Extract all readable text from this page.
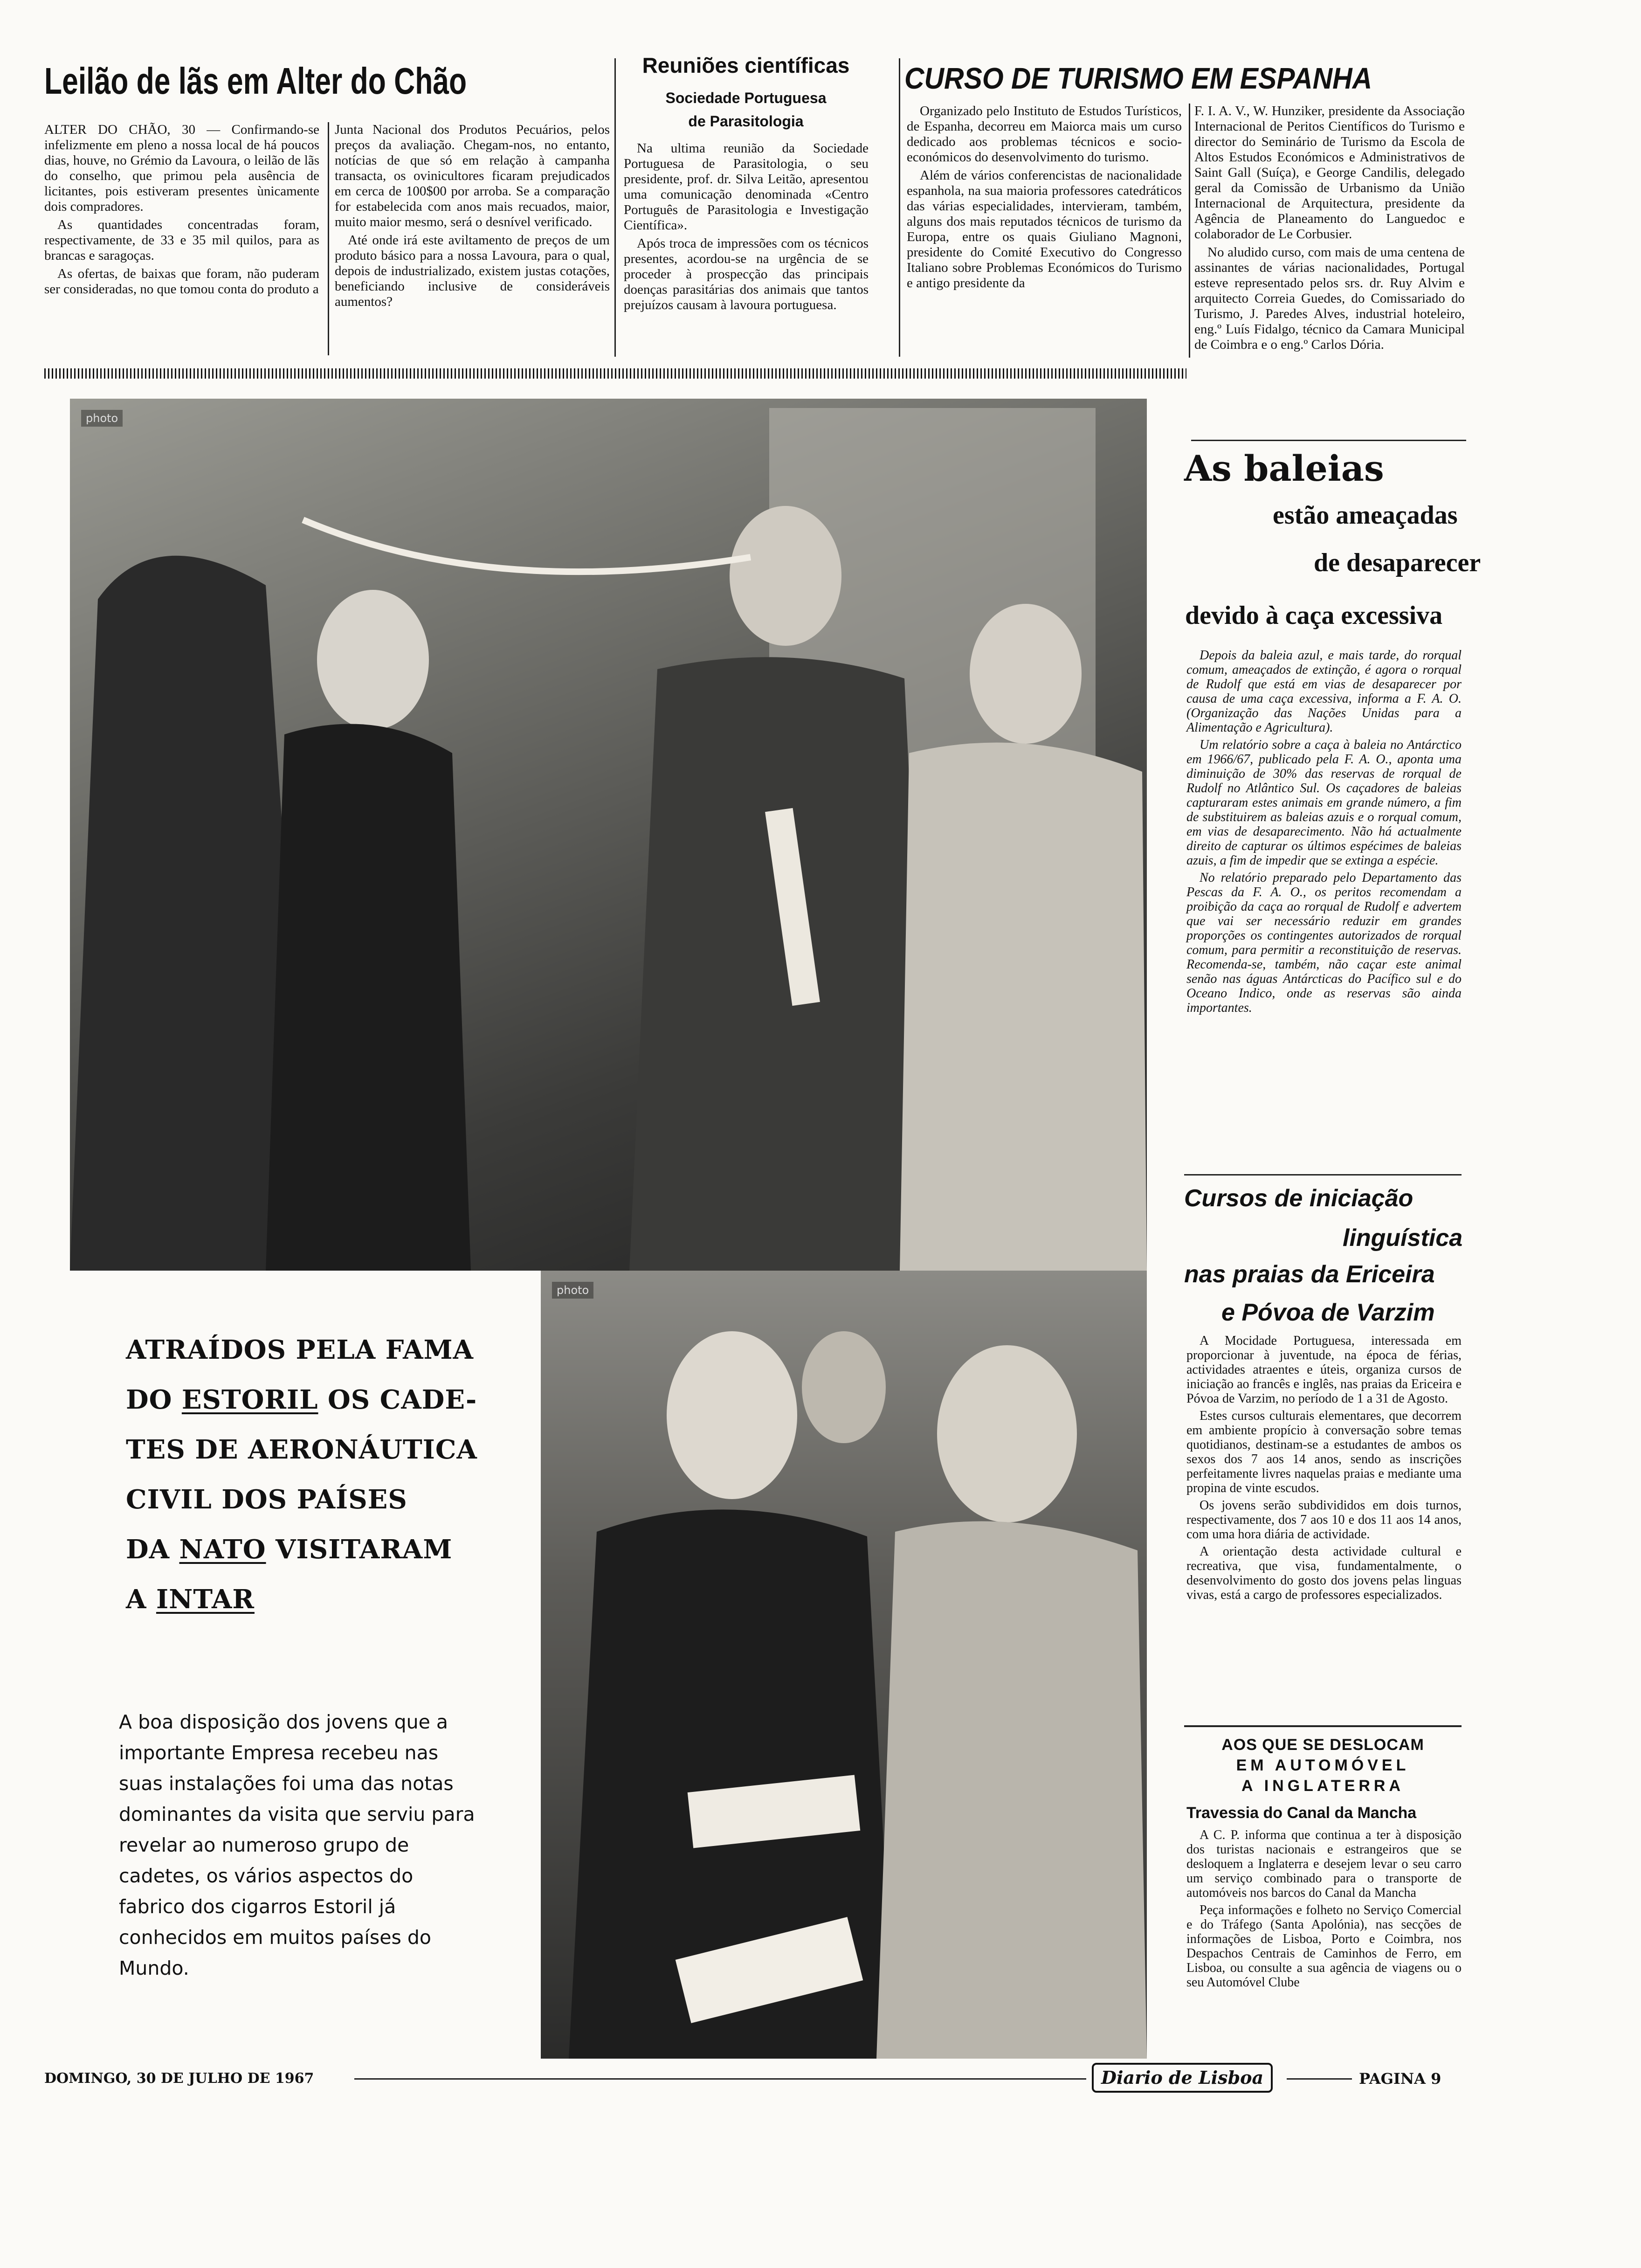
Leilão de lãs em Alter do Chão

ALTER DO CHÃO, 30 — Confirmando-se infelizmente em pleno a nossa local de há poucos dias, houve, no Grémio da Lavoura, o leilão de lãs do conselho, que primou pela ausência de licitantes, pois estiveram presentes ùnicamente dois compradores.

As quantidades concentradas foram, respectivamente, de 33 e 35 mil quilos, para as brancas e saragoças.

As ofertas, de baixas que foram, não puderam ser consideradas, no que tomou conta do produto a

Junta Nacional dos Produtos Pecuários, pelos preços da avaliação. Chegam-nos, no entanto, notícias de que só em relação à campanha transacta, os ovinicultores ficaram prejudicados em cerca de 100$00 por arroba. Se a comparação for estabelecida com anos mais recuados, maior, muito maior mesmo, será o desnível verificado.

Até onde irá este aviltamento de preços de um produto básico para a nossa Lavoura, para o qual, depois de industrializado, existem justas cotações, beneficiando inclusive de consideráveis aumentos?

Reuniões científicas
Sociedade Portuguesa
de Parasitologia

Na ultima reunião da Sociedade Portuguesa de Parasitologia, o seu presidente, prof. dr. Silva Leitão, apresentou uma comunicação denominada «Centro Português de Parasitologia e Investigação Científica».

Após troca de impressões com os técnicos presentes, acordou-se na urgência de se proceder à prospecção das principais doenças parasitárias dos animais que tantos prejuízos causam à lavoura portuguesa.

CURSO DE TURISMO EM ESPANHA

Organizado pelo Instituto de Estudos Turísticos, de Espanha, decorreu em Maiorca mais um curso dedicado aos problemas técnicos e socio-económicos do desenvolvimento do turismo.

Além de vários conferencistas de nacionalidade espanhola, na sua maioria professores catedráticos das várias especialidades, intervieram, também, alguns dos mais reputados técnicos de turismo da Europa, entre os quais Giuliano Magnoni, presidente do Comité Executivo do Congresso Italiano sobre Problemas Económicos do Turismo e antigo presidente da

F. I. A. V., W. Hunziker, presidente da Associação Internacional de Peritos Científicos do Turismo e director do Seminário de Turismo da Escola de Altos Estudos Económicos e Administrativos de Saint Gall (Suíça), e George Candilis, delegado geral da Comissão de Urbanismo da União Internacional de Arquitectura, presidente da Agência de Planeamento do Languedoc e colaborador de Le Corbusier.

No aludido curso, com mais de uma centena de assinantes de várias nacionalidades, Portugal esteve representado pelos srs. dr. Ruy Alvim e arquitecto Correia Guedes, do Comissariado do Turismo, J. Paredes Alves, industrial hoteleiro, eng.º Luís Fidalgo, técnico da Camara Municipal de Coimbra e o eng.º Carlos Dória.

photo
photo
ATRAÍDOS PELA FAMA
DO ESTORIL OS CADE-
TES DE AERONÁUTICA
CIVIL DOS PAÍSES
DA NATO VISITARAM
A INTAR
A boa disposição dos jovens que a importante Empresa recebeu nas suas instalações foi uma das notas dominantes da visita que serviu para revelar ao numeroso grupo de cadetes, os vários aspectos do fabrico dos cigarros Estoril já conhecidos em muitos países do Mundo.
As baleias
estão ameaçadas
de desaparecer
devido à caça excessiva

Depois da baleia azul, e mais tarde, do rorqual comum, ameaçados de extinção, é agora o rorqual de Rudolf que está em vias de desaparecer por causa de uma caça excessiva, informa a F. A. O. (Organização das Nações Unidas para a Alimentação e Agricultura).

Um relatório sobre a caça à baleia no Antárctico em 1966/67, publicado pela F. A. O., aponta uma diminuição de 30% das reservas de rorqual de Rudolf no Atlântico Sul. Os caçadores de baleias capturaram estes animais em grande número, a fim de substituirem as baleias azuis e o rorqual comum, em vias de desaparecimento. Não há actualmente direito de capturar os últimos espécimes de baleias azuis, a fim de impedir que se extinga a espécie.

No relatório preparado pelo Departamento das Pescas da F. A. O., os peritos recomendam a proibição da caça ao rorqual de Rudolf e advertem que vai ser necessário reduzir em grandes proporções os contingentes autorizados de rorqual comum, para permitir a reconstituição de reservas. Recomenda-se, também, não caçar este animal senão nas águas Antárcticas do Pacífico sul e do Oceano Indico, onde as reservas são ainda importantes.

Cursos de iniciação
linguística
nas praias da Ericeira
e Póvoa de Varzim

A Mocidade Portuguesa, interessada em proporcionar à juventude, na época de férias, actividades atraentes e úteis, organiza cursos de iniciação ao francês e inglês, nas praias da Ericeira e Póvoa de Varzim, no período de 1 a 31 de Agosto.

Estes cursos culturais elementares, que decorrem em ambiente propício à conversação sobre temas quotidianos, destinam-se a estudantes de ambos os sexos dos 7 aos 14 anos, sendo as inscrições perfeitamente livres naquelas praias e mediante uma propina de vinte escudos.

Os jovens serão subdivididos em dois turnos, respectivamente, dos 7 aos 10 e dos 11 aos 14 anos, com uma hora diária de actividade.

A orientação desta actividade cultural e recreativa, que visa, fundamentalmente, o desenvolvimento do gosto dos jovens pelas linguas vivas, está a cargo de professores especializados.

AOS QUE SE DESLOCAM
EM AUTOMÓVEL
A INGLATERRA
Travessia do Canal da Mancha

A C. P. informa que continua a ter à disposição dos turistas nacionais e estrangeiros que se desloquem a Inglaterra e desejem levar o seu carro um serviço combinado para o transporte de automóveis nos barcos do Canal da Mancha

Peça informações e folheto no Serviço Comercial e do Tráfego (Santa Apolónia), nas secções de informações de Lisboa, Porto e Coimbra, nos Despachos Centrais de Caminhos de Ferro, em Lisboa, ou consulte a sua agência de viagens ou o seu Automóvel Clube

DOMINGO, 30 DE JULHO DE 1967	Diario de Lisboa	PAGINA 9
